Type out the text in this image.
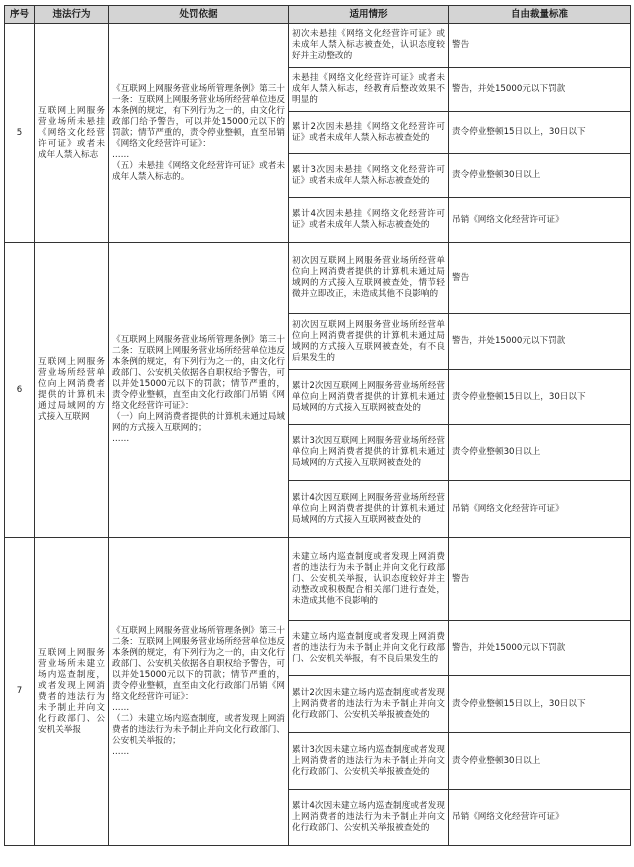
序号	违法行为	处罚依据	适用情形	自由裁量标准
5	互联网上网服务营业场所未悬挂《网络文化经营许可证》或者未成年人禁入标志	《互联网上网服务营业场所管理条例》第三十一条：互联网上网服务营业场所经营单位违反本条例的规定，有下列行为之一的，由文化行政部门给予警告，可以并处15000元以下的罚款；情节严重的，责令停业整顿，直至吊销《网络文化经营许可证》：
……
（五）未悬挂《网络文化经营许可证》或者未成年人禁入标志的。	初次未悬挂《网络文化经营许可证》或未成年人禁入标志被查处，认识态度较好并主动整改的	警告
			未悬挂《网络文化经营许可证》或者未成年人禁入标志，经教育后整改效果不明显的	警告，并处15000元以下罚款
			累计2次因未悬挂《网络文化经营许可证》或者未成年人禁入标志被查处的	责令停业整顿15日以上，30日以下
			累计3次因未悬挂《网络文化经营许可证》或者未成年人禁入标志被查处的	责令停业整顿30日以上
			累计4次因未悬挂《网络文化经营许可证》或者未成年人禁入标志被查处的	吊销《网络文化经营许可证》
6	互联网上网服务营业场所经营单位向上网消费者提供的计算机未通过局域网的方式接入互联网	《互联网上网服务营业场所管理条例》第三十二条：互联网上网服务营业场所经营单位违反本条例的规定，有下列行为之一的，由文化行政部门、公安机关依据各自职权给予警告，可以并处15000元以下的罚款；情节严重的，责令停业整顿，直至由文化行政部门吊销《网络文化经营许可证》：
（一）向上网消费者提供的计算机未通过局域网的方式接入互联网的；
……	初次因互联网上网服务营业场所经营单位向上网消费者提供的计算机未通过局域网的方式接入互联网被查处，情节轻微并立即改正，未造成其他不良影响的	警告
			初次因互联网上网服务营业场所经营单位向上网消费者提供的计算机未通过局域网的方式接入互联网被查处，有不良后果发生的	警告，并处15000元以下罚款
			累计2次因互联网上网服务营业场所经营单位向上网消费者提供的计算机未通过局域网的方式接入互联网被查处的	责令停业整顿15日以上，30日以下
			累计3次因互联网上网服务营业场所经营单位向上网消费者提供的计算机未通过局域网的方式接入互联网被查处的	责令停业整顿30日以上
			累计4次因互联网上网服务营业场所经营单位向上网消费者提供的计算机未通过局域网的方式接入互联网被查处的	吊销《网络文化经营许可证》
7	互联网上网服务营业场所未建立场内巡查制度，或者发现上网消费者的违法行为未予制止并向文化行政部门、公安机关举报	《互联网上网服务营业场所管理条例》第三十二条：互联网上网服务营业场所经营单位违反本条例的规定，有下列行为之一的，由文化行政部门、公安机关依据各自职权给予警告，可以并处15000元以下的罚款；情节严重的，责令停业整顿，直至由文化行政部门吊销《网络文化经营许可证》：
……
（二）未建立场内巡查制度，或者发现上网消费者的违法行为未予制止并向文化行政部门、公安机关举报的；
……	未建立场内巡查制度或者发现上网消费者的违法行为未予制止并向文化行政部门、公安机关举报，认识态度较好并主动整改或积极配合相关部门进行查处，未造成其他不良影响的	警告
			未建立场内巡查制度或者发现上网消费者的违法行为未予制止并向文化行政部门、公安机关举报，有不良后果发生的	警告，并处15000元以下罚款
			累计2次因未建立场内巡查制度或者发现上网消费者的违法行为未予制止并向文化行政部门、公安机关举报被查处的	责令停业整顿15日以上，30日以下
			累计3次因未建立场内巡查制度或者发现上网消费者的违法行为未予制止并向文化行政部门、公安机关举报被查处的	责令停业整顿30日以上
			累计4次因未建立场内巡查制度或者发现上网消费者的违法行为未予制止并向文化行政部门、公安机关举报被查处的	吊销《网络文化经营许可证》
